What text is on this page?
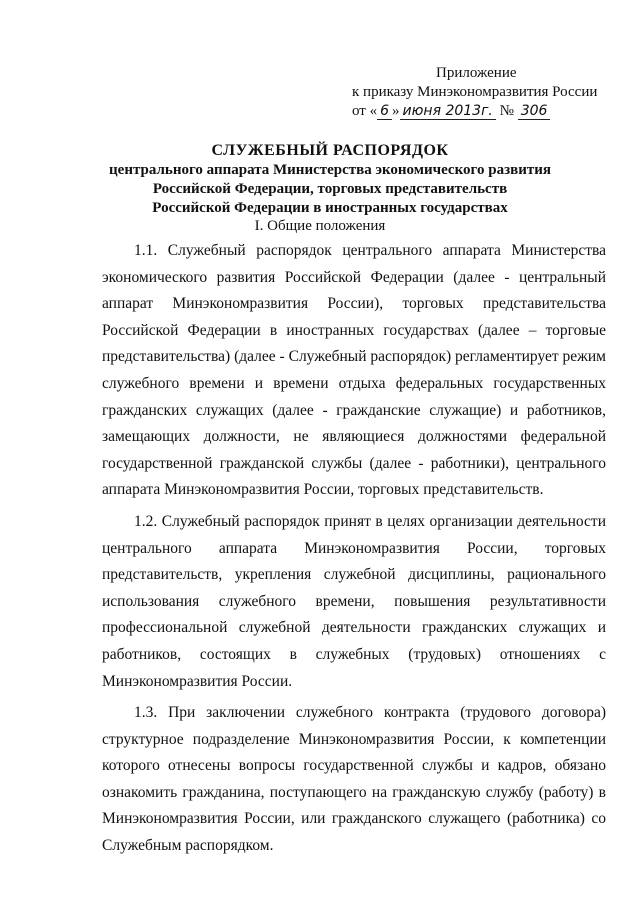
Приложение
к приказу Минэкономразвития России
от « 6 » июня 2013г. № 306
СЛУЖЕБНЫЙ РАСПОРЯДОК
центрального аппарата Министерства экономического развития
Российской Федерации, торговых представительств
Российской Федерации в иностранных государствах
I. Общие положения

1.1. Служебный распорядок центрального аппарата Министерства экономического развития Российской Федерации (далее - центральный аппарат Минэкономразвития России), торговых представительства Российской Федерации в иностранных государствах (далее – торговые представительства) (далее - Служебный распорядок) регламентирует режим служебного времени и времени отдыха федеральных государственных гражданских служащих (далее - гражданские служащие) и работников, замещающих должности, не являющиеся должностями федеральной государственной гражданской службы (далее - работники), центрального аппарата Минэкономразвития России, торговых представительств.

1.2. Служебный распорядок принят в целях организации деятельности центрального аппарата Минэкономразвития России, торговых представительств, укрепления служебной дисциплины, рационального использования служебного времени, повышения результативности профессиональной служебной деятельности гражданских служащих и работников, состоящих в служебных (трудовых) отношениях с Минэкономразвития России.

1.3. При заключении служебного контракта (трудового договора) структурное подразделение Минэкономразвития России, к компетенции которого отнесены вопросы государственной службы и кадров, обязано ознакомить гражданина, поступающего на гражданскую службу (работу) в Минэкономразвития России, или гражданского служащего (работника) со Служебным распорядком.
